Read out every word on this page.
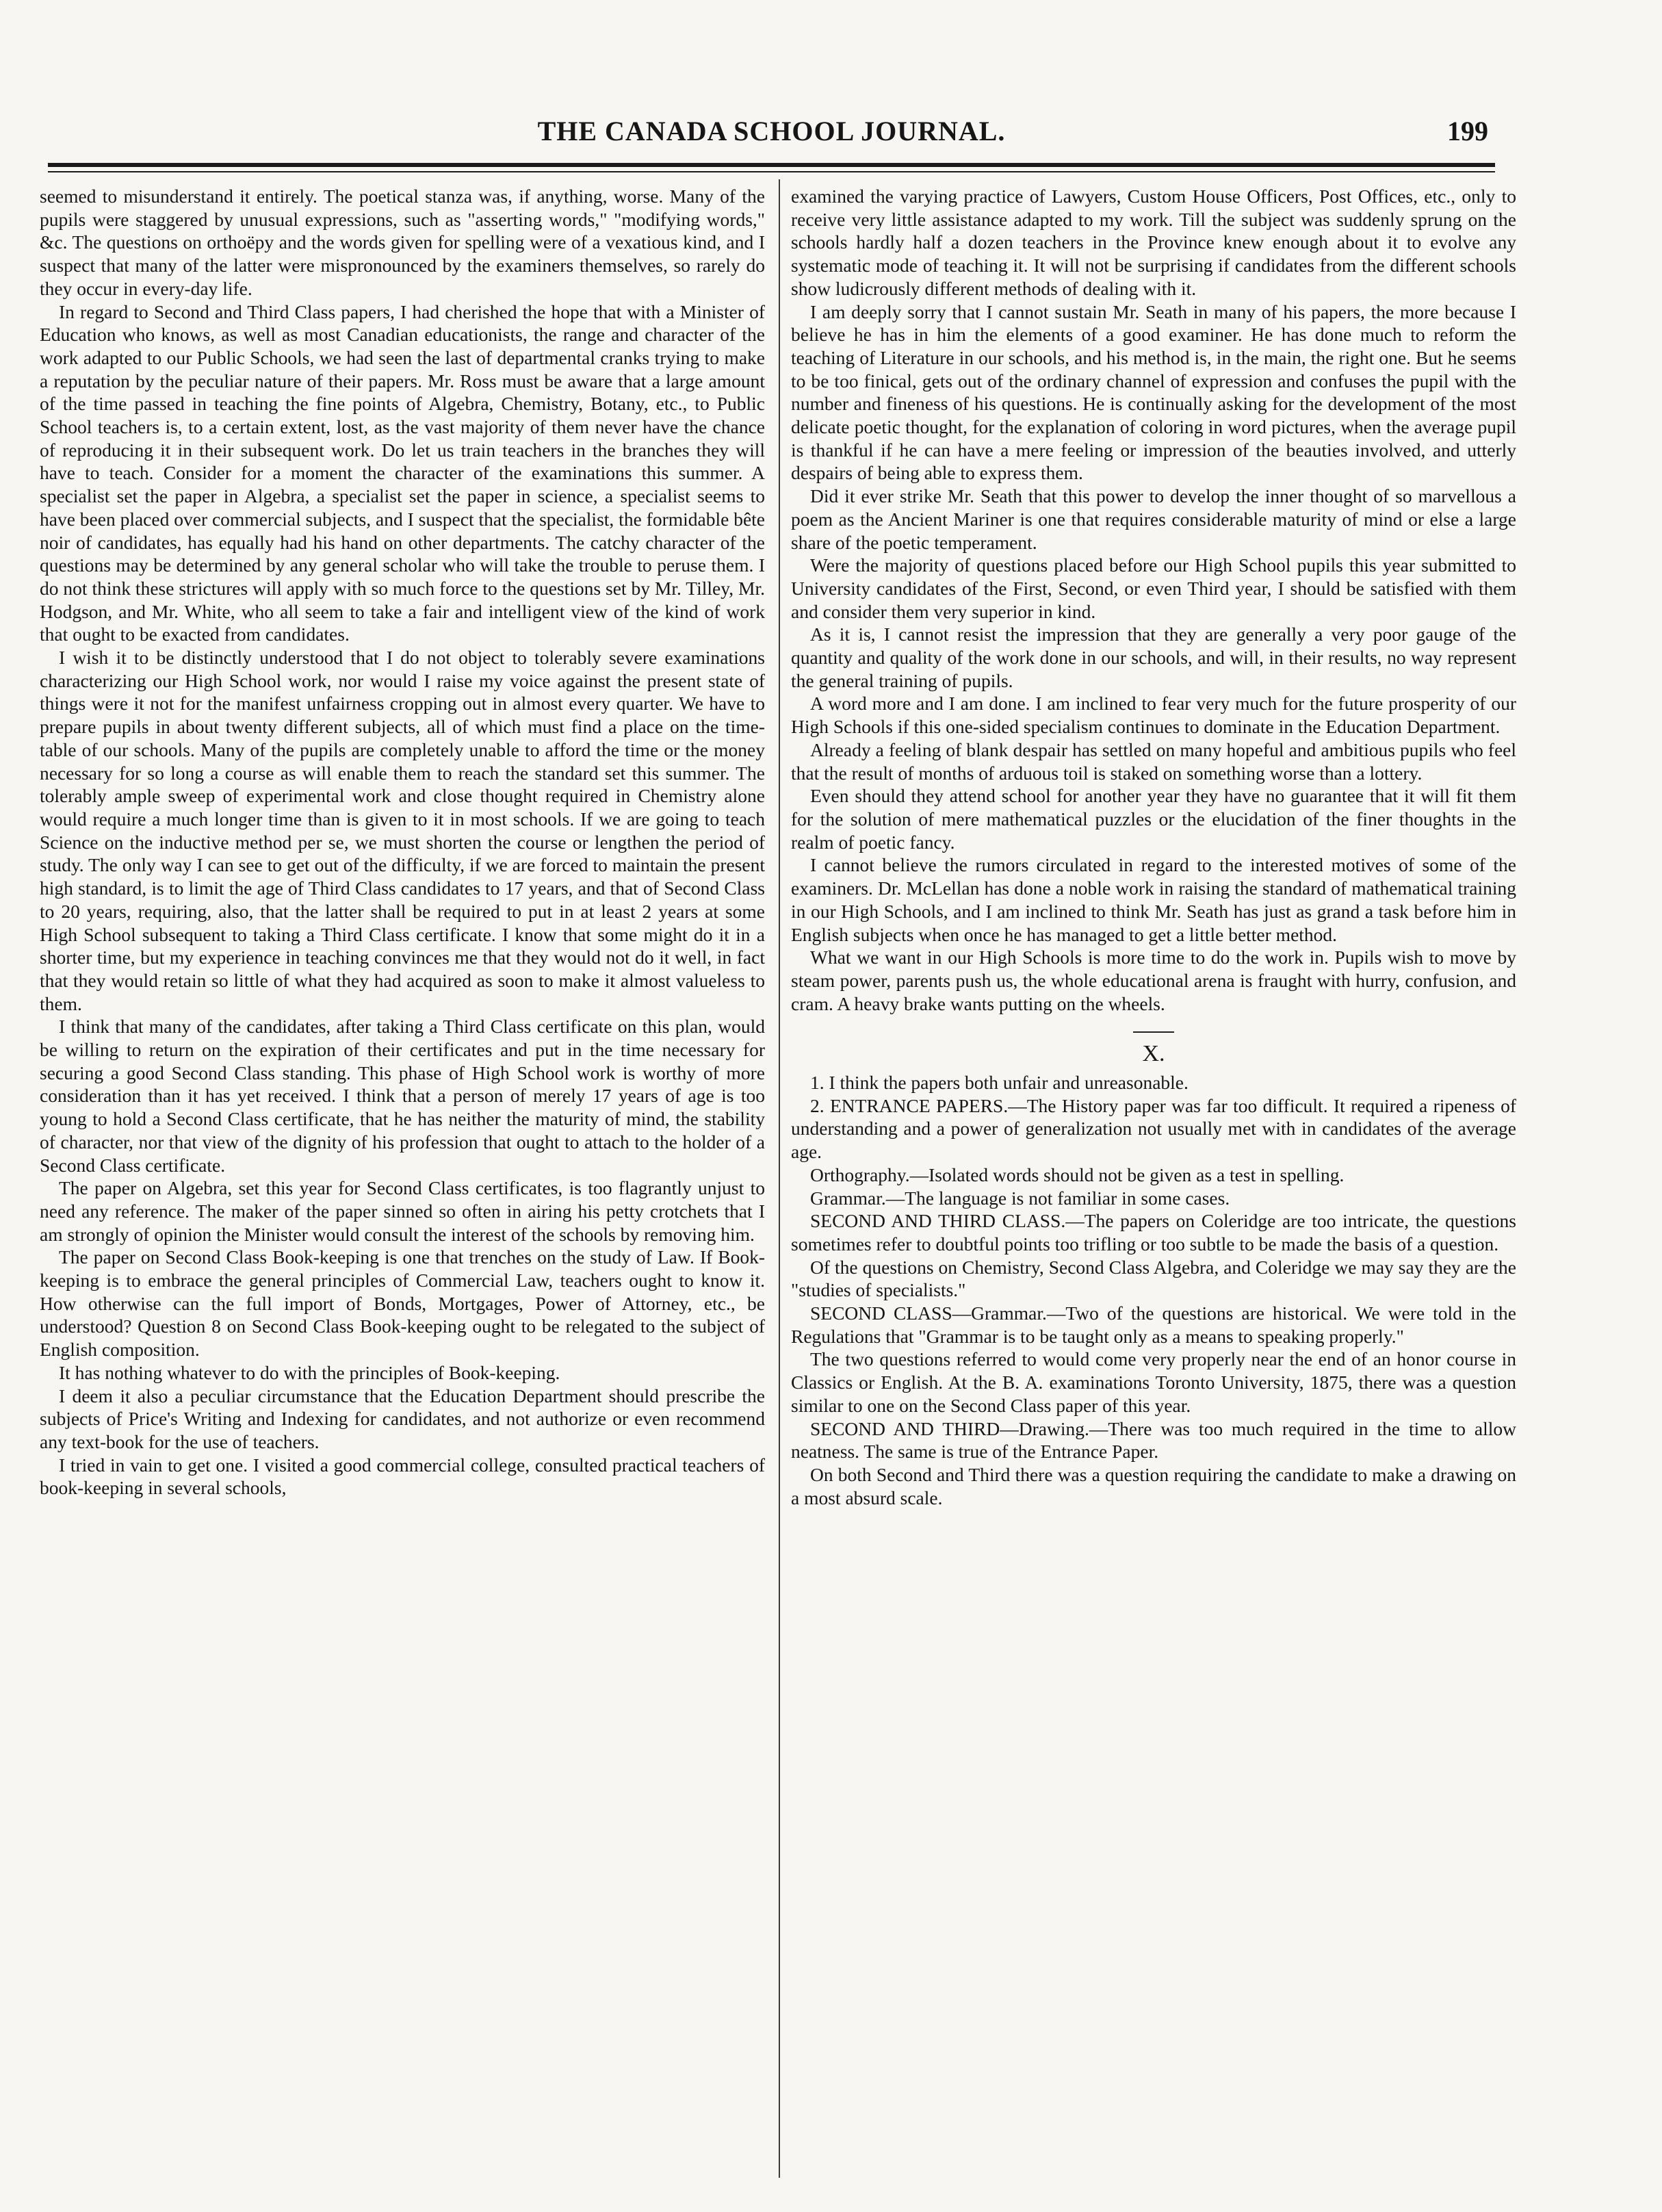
THE CANADA SCHOOL JOURNAL.	199

seemed to misunderstand it entirely. The poetical stanza was, if anything, worse. Many of the pupils were staggered by unusual expressions, such as "asserting words," "modifying words," &c. The questions on orthoëpy and the words given for spelling were of a vexatious kind, and I suspect that many of the latter were mispronounced by the examiners themselves, so rarely do they occur in every-day life.

In regard to Second and Third Class papers, I had cherished the hope that with a Minister of Education who knows, as well as most Canadian educationists, the range and character of the work adapted to our Public Schools, we had seen the last of departmental cranks trying to make a reputation by the peculiar nature of their papers. Mr. Ross must be aware that a large amount of the time passed in teaching the fine points of Algebra, Chemistry, Botany, etc., to Public School teachers is, to a certain extent, lost, as the vast majority of them never have the chance of reproducing it in their subsequent work. Do let us train teachers in the branches they will have to teach. Consider for a moment the character of the examinations this summer. A specialist set the paper in Algebra, a specialist set the paper in science, a specialist seems to have been placed over commercial subjects, and I suspect that the specialist, the formidable bête noir of candidates, has equally had his hand on other departments. The catchy character of the questions may be determined by any general scholar who will take the trouble to peruse them. I do not think these strictures will apply with so much force to the questions set by Mr. Tilley, Mr. Hodgson, and Mr. White, who all seem to take a fair and intelligent view of the kind of work that ought to be exacted from candidates.

I wish it to be distinctly understood that I do not object to tolerably severe examinations characterizing our High School work, nor would I raise my voice against the present state of things were it not for the manifest unfairness cropping out in almost every quarter. We have to prepare pupils in about twenty different subjects, all of which must find a place on the time-table of our schools. Many of the pupils are completely unable to afford the time or the money necessary for so long a course as will enable them to reach the standard set this summer. The tolerably ample sweep of experimental work and close thought required in Chemistry alone would require a much longer time than is given to it in most schools. If we are going to teach Science on the inductive method per se, we must shorten the course or lengthen the period of study. The only way I can see to get out of the difficulty, if we are forced to maintain the present high standard, is to limit the age of Third Class candidates to 17 years, and that of Second Class to 20 years, requiring, also, that the latter shall be required to put in at least 2 years at some High School subsequent to taking a Third Class certificate. I know that some might do it in a shorter time, but my experience in teaching convinces me that they would not do it well, in fact that they would retain so little of what they had acquired as soon to make it almost valueless to them.

I think that many of the candidates, after taking a Third Class certificate on this plan, would be willing to return on the expiration of their certificates and put in the time necessary for securing a good Second Class standing. This phase of High School work is worthy of more consideration than it has yet received. I think that a person of merely 17 years of age is too young to hold a Second Class certificate, that he has neither the maturity of mind, the stability of character, nor that view of the dignity of his profession that ought to attach to the holder of a Second Class certificate.

The paper on Algebra, set this year for Second Class certificates, is too flagrantly unjust to need any reference. The maker of the paper sinned so often in airing his petty crotchets that I am strongly of opinion the Minister would consult the interest of the schools by removing him.

The paper on Second Class Book-keeping is one that trenches on the study of Law. If Book-keeping is to embrace the general principles of Commercial Law, teachers ought to know it. How otherwise can the full import of Bonds, Mortgages, Power of Attorney, etc., be understood? Question 8 on Second Class Book-keeping ought to be relegated to the subject of English composition.

It has nothing whatever to do with the principles of Book-keeping.

I deem it also a peculiar circumstance that the Education Department should prescribe the subjects of Price's Writing and Indexing for candidates, and not authorize or even recommend any text-book for the use of teachers.

I tried in vain to get one. I visited a good commercial college, consulted practical teachers of book-keeping in several schools,

examined the varying practice of Lawyers, Custom House Officers, Post Offices, etc., only to receive very little assistance adapted to my work. Till the subject was suddenly sprung on the schools hardly half a dozen teachers in the Province knew enough about it to evolve any systematic mode of teaching it. It will not be surprising if candidates from the different schools show ludicrously different methods of dealing with it.

I am deeply sorry that I cannot sustain Mr. Seath in many of his papers, the more because I believe he has in him the elements of a good examiner. He has done much to reform the teaching of Literature in our schools, and his method is, in the main, the right one. But he seems to be too finical, gets out of the ordinary channel of expression and confuses the pupil with the number and fineness of his questions. He is continually asking for the development of the most delicate poetic thought, for the explanation of coloring in word pictures, when the average pupil is thankful if he can have a mere feeling or impression of the beauties involved, and utterly despairs of being able to express them.

Did it ever strike Mr. Seath that this power to develop the inner thought of so marvellous a poem as the Ancient Mariner is one that requires considerable maturity of mind or else a large share of the poetic temperament.

Were the majority of questions placed before our High School pupils this year submitted to University candidates of the First, Second, or even Third year, I should be satisfied with them and consider them very superior in kind.

As it is, I cannot resist the impression that they are generally a very poor gauge of the quantity and quality of the work done in our schools, and will, in their results, no way represent the general training of pupils.

A word more and I am done. I am inclined to fear very much for the future prosperity of our High Schools if this one-sided specialism continues to dominate in the Education Department.

Already a feeling of blank despair has settled on many hopeful and ambitious pupils who feel that the result of months of arduous toil is staked on something worse than a lottery.

Even should they attend school for another year they have no guarantee that it will fit them for the solution of mere mathematical puzzles or the elucidation of the finer thoughts in the realm of poetic fancy.

I cannot believe the rumors circulated in regard to the interested motives of some of the examiners. Dr. McLellan has done a noble work in raising the standard of mathematical training in our High Schools, and I am inclined to think Mr. Seath has just as grand a task before him in English subjects when once he has managed to get a little better method.

What we want in our High Schools is more time to do the work in. Pupils wish to move by steam power, parents push us, the whole educational arena is fraught with hurry, confusion, and cram. A heavy brake wants putting on the wheels.

X.

1. I think the papers both unfair and unreasonable.

2. ENTRANCE PAPERS.—The History paper was far too difficult. It required a ripeness of understanding and a power of generalization not usually met with in candidates of the average age.

Orthography.—Isolated words should not be given as a test in spelling.

Grammar.—The language is not familiar in some cases.

SECOND AND THIRD CLASS.—The papers on Coleridge are too intricate, the questions sometimes refer to doubtful points too trifling or too subtle to be made the basis of a question.

Of the questions on Chemistry, Second Class Algebra, and Coleridge we may say they are the "studies of specialists."

SECOND CLASS—Grammar.—Two of the questions are historical. We were told in the Regulations that "Grammar is to be taught only as a means to speaking properly."

The two questions referred to would come very properly near the end of an honor course in Classics or English. At the B. A. examinations Toronto University, 1875, there was a question similar to one on the Second Class paper of this year.

SECOND AND THIRD—Drawing.—There was too much required in the time to allow neatness. The same is true of the Entrance Paper.

On both Second and Third there was a question requiring the candidate to make a drawing on a most absurd scale.
